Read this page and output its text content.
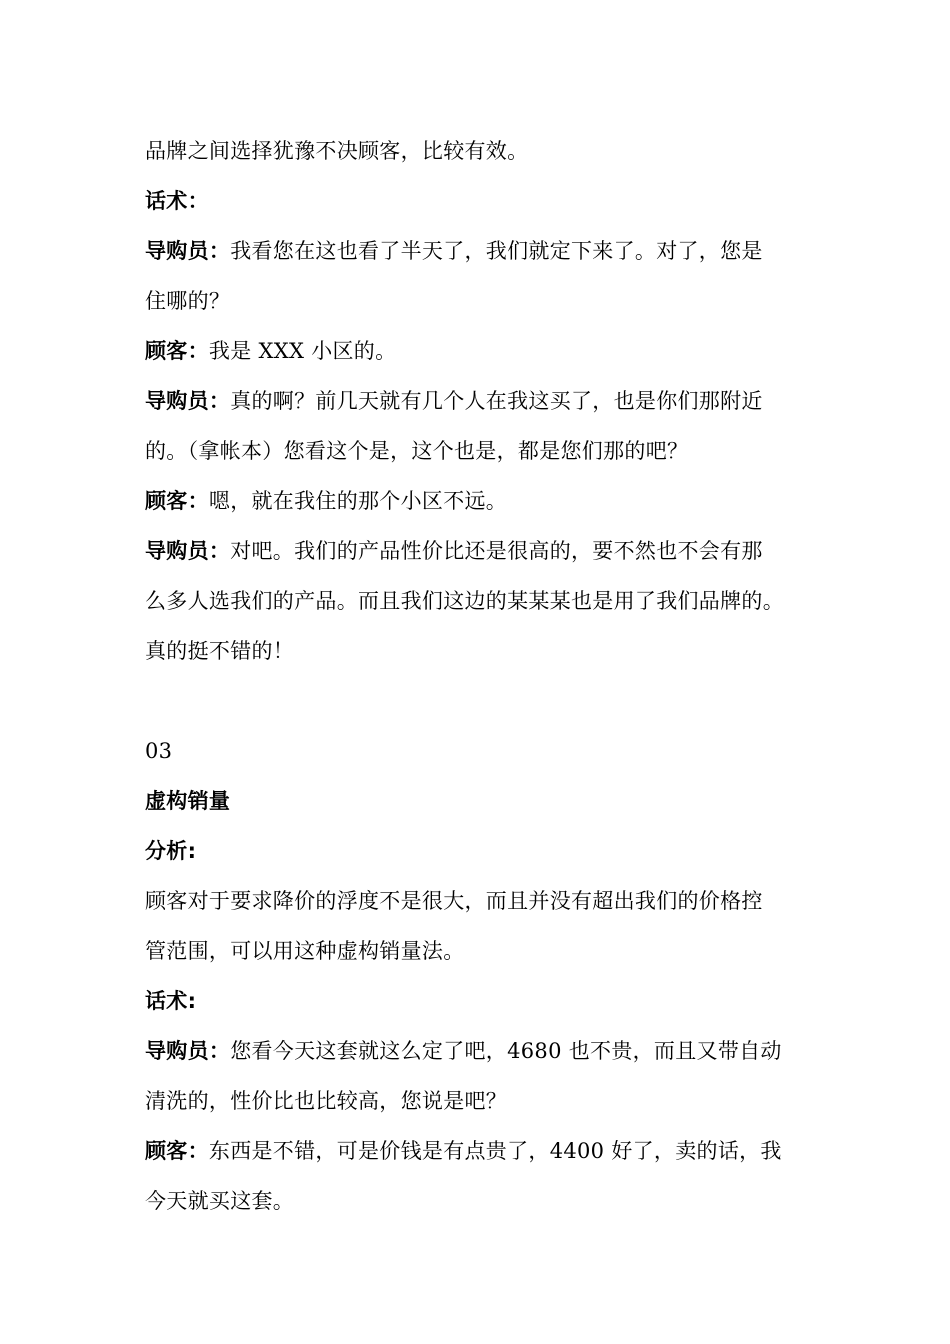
品牌之间选择犹豫不决顾客，比较有效。
话术：
导购员：我看您在这也看了半天了，我们就定下来了。对了，您是
住哪的？
顾客：我是 XXX 小区的。
导购员：真的啊？前几天就有几个人在我这买了，也是你们那附近
的。（拿帐本）您看这个是，这个也是，都是您们那的吧？
顾客：嗯，就在我住的那个小区不远。
导购员：对吧。我们的产品性价比还是很高的，要不然也不会有那
么多人选我们的产品。而且我们这边的某某某也是用了我们品牌的。
真的挺不错的！
03
虚构销量
分析:
顾客对于要求降价的浮度不是很大，而且并没有超出我们的价格控
管范围，可以用这种虚构销量法。
话术:
导购员：您看今天这套就这么定了吧，4680 也不贵，而且又带自动
清洗的，性价比也比较高，您说是吧？
顾客：东西是不错，可是价钱是有点贵了，4400 好了，卖的话，我
今天就买这套。
